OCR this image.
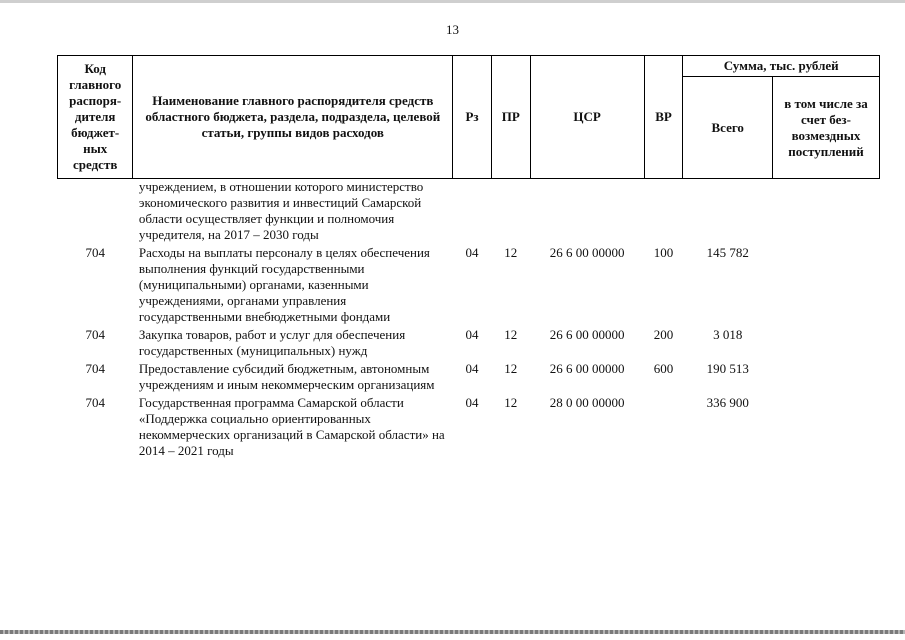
13
Код главного распоря-дителя бюджет-ных средств	Наименование главного распорядителя средств областного бюджета, раздела, подраздела, целевой статьи, группы видов расходов	Рз	ПР	ЦСР	ВР	Сумма, тыс. рублей	
						Всего	в том числе за счет без-возмездных поступлений
	учреждением, в отношении которого министерство экономического развития и инвестиций Самарской области осуществляет функции и полномочия учредителя, на 2017 – 2030 годы						
704	Расходы на выплаты персоналу в целях обеспечения выполнения функций государственными (муниципальными) органами, казенными учреждениями, органами управления государственными внебюджетными фондами	04	12	26 6 00 00000	100	145 782	
704	Закупка товаров, работ и услуг для обеспечения государственных (муниципальных) нужд	04	12	26 6 00 00000	200	3 018	
704	Предоставление субсидий бюджетным, автономным учреждениям и иным некоммерческим организациям	04	12	26 6 00 00000	600	190 513	
704	Государственная программа Самарской области «Поддержка социально ориентированных некоммерческих организаций в Самарской области» на 2014 – 2021 годы	04	12	28 0 00 00000		336 900	
